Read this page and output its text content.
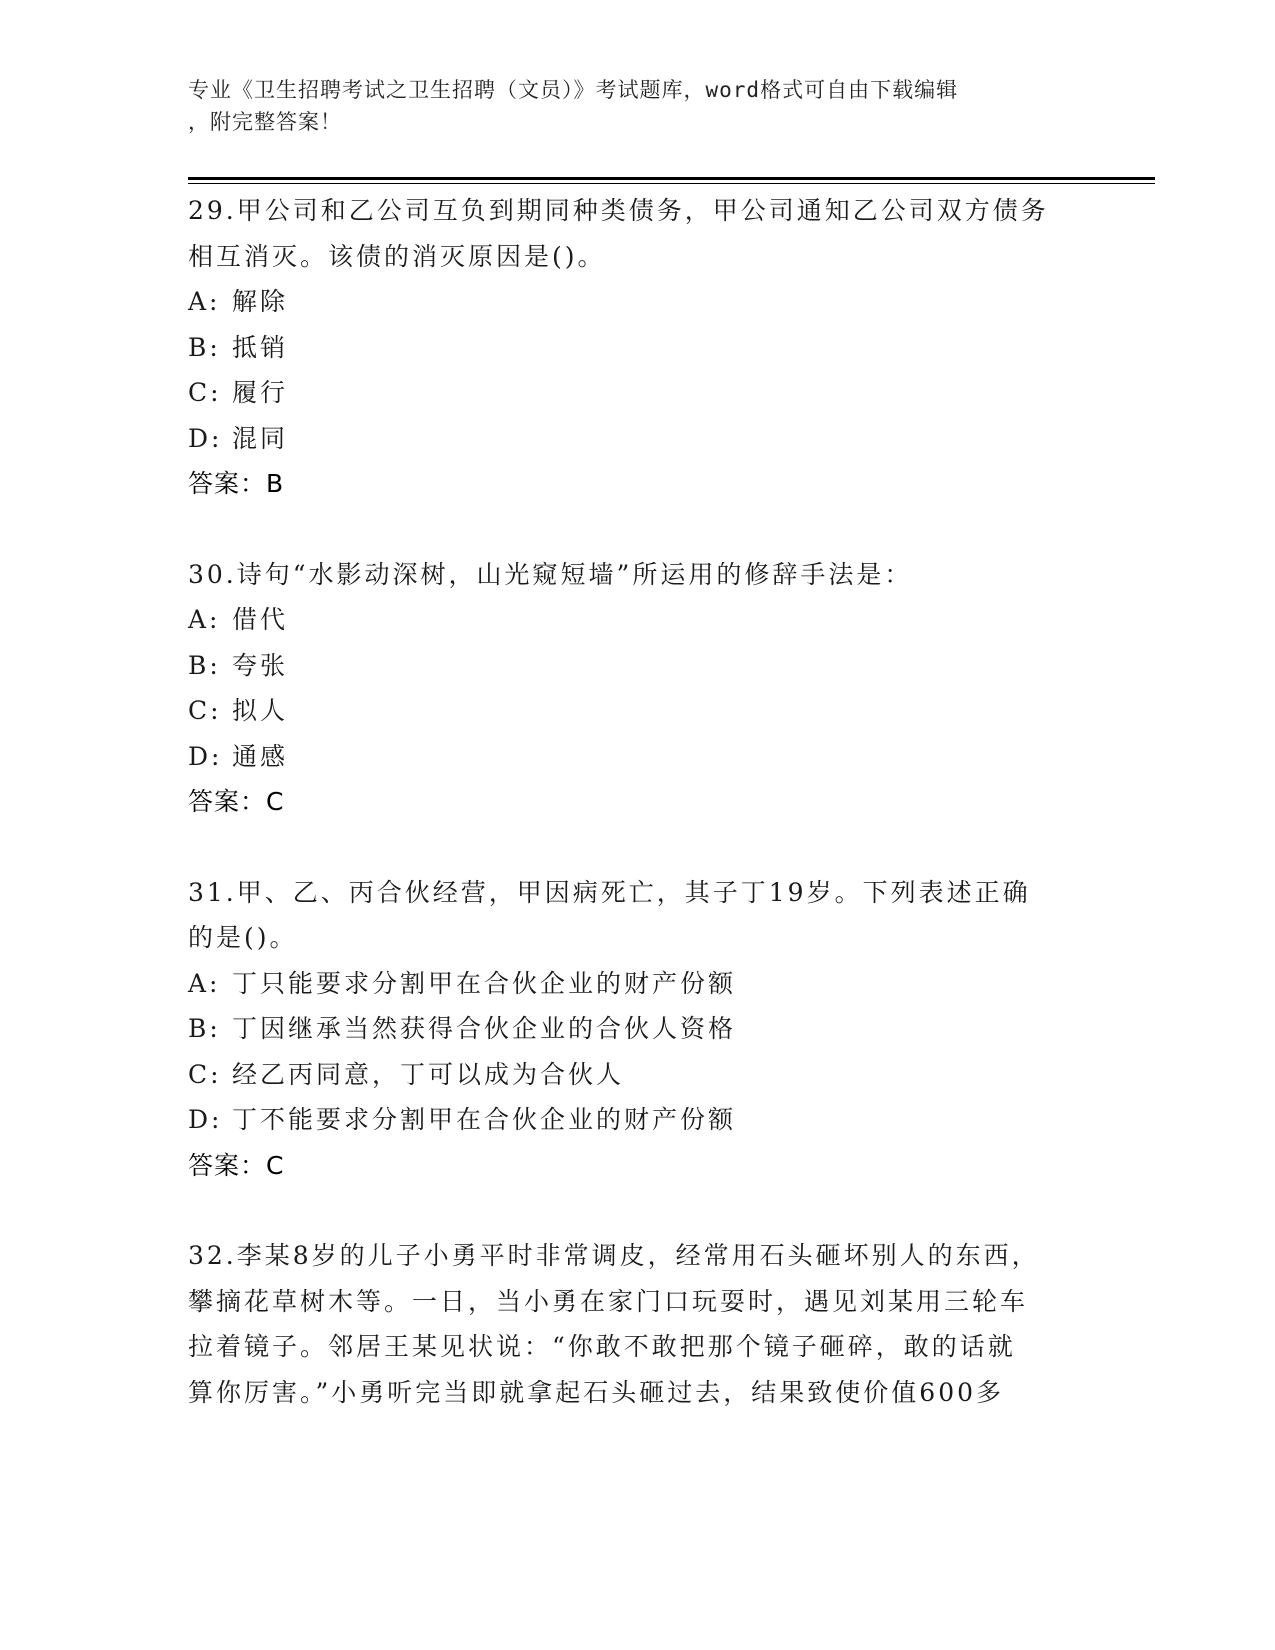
专业《卫生招聘考试之卫生招聘（文员）》考试题库，word格式可自由下载编辑
，附完整答案！
29.甲公司和乙公司互负到期同种类债务，甲公司通知乙公司双方债务
相互消灭。该债的消灭原因是()。
A: 解除
B: 抵销
C: 履行
D: 混同
答案：B
30.诗句“水影动深树，山光窥短墙”所运用的修辞手法是：
A: 借代
B: 夸张
C: 拟人
D: 通感
答案：C
31.甲、乙、丙合伙经营，甲因病死亡，其子丁19岁。下列表述正确
的是()。
A: 丁只能要求分割甲在合伙企业的财产份额
B: 丁因继承当然获得合伙企业的合伙人资格
C: 经乙丙同意，丁可以成为合伙人
D: 丁不能要求分割甲在合伙企业的财产份额
答案：C
32.李某8岁的儿子小勇平时非常调皮，经常用石头砸坏别人的东西，
攀摘花草树木等。一日，当小勇在家门口玩耍时，遇见刘某用三轮车
拉着镜子。邻居王某见状说：“你敢不敢把那个镜子砸碎，敢的话就
算你厉害。”小勇听完当即就拿起石头砸过去，结果致使价值600多
